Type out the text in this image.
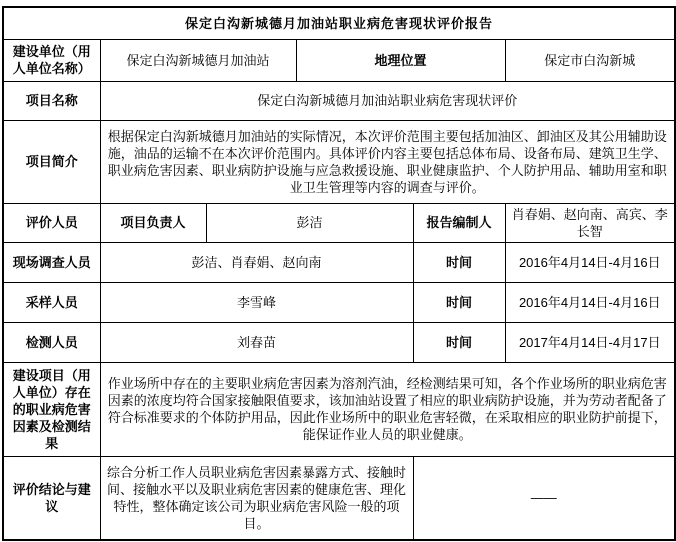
保定白沟新城德月加油站职业病危害现状评价报告					
建设单位（用人单位名称）	保定白沟新城德月加油站		地理位置		保定市白沟新城
项目名称	保定白沟新城德月加油站职业病危害现状评价				
项目简介	根据保定白沟新城德月加油站的实际情况，本次评价范围主要包括加油区、卸油区及其公用辅助设施，油品的运输不在本次评价范围内。具体评价内容主要包括总体布局、设备布局、建筑卫生学、职业病危害因素、职业病防护设施与应急救援设施、职业健康监护、个人防护用品、辅助用室和职业卫生管理等内容的调查与评价。				
评价人员	项目负责人	彭洁		报告编制人	肖春娟、赵向南、高宾、李长智
现场调查人员	彭洁、肖春娟、赵向南			时间	2016年4月14日-4月16日
采样人员	李雪峰			时间	2016年4月14日-4月16日
检测人员	刘春苗			时间	2017年4月14日-4月17日
建设项目（用人单位）存在的职业病危害因素及检测结果	作业场所中存在的主要职业病危害因素为溶剂汽油，经检测结果可知，各个作业场所的职业病危害因素的浓度均符合国家接触限值要求，该加油站设置了相应的职业病防护设施，并为劳动者配备了符合标准要求的个体防护用品，因此作业场所中的职业危害轻微，在采取相应的职业防护前提下，能保证作业人员的职业健康。				
评价结论与建议	综合分析工作人员职业病危害因素暴露方式、接触时间、接触水平以及职业病危害因素的健康危害、理化特性，整体确定该公司为职业病危害风险一般的项目。			——	
